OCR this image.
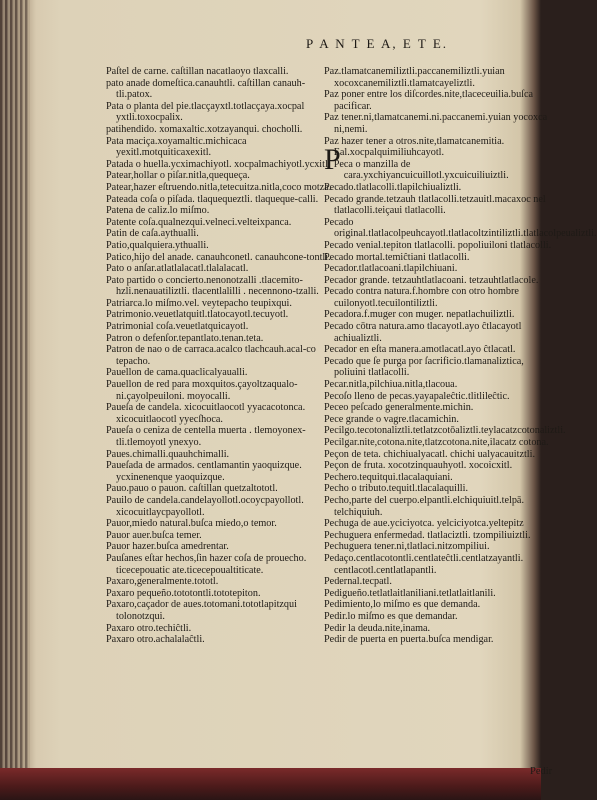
P A N T E A, E T E.

Paſtel de carne. caſtillan nacatlaoyo tlaxcalli.

pato anade domeſtica.canauhtli. caſtillan canauh-tli.patox.

Pata o planta del pie.tlacçayxtl.totlacçaya.xocpal yxtli.toxocpalix.

patihendido. xomaxaltic.xotzayanqui. chocholli.

Pata maciça.xoyamaltic.michicaca yexitl.motquiticaxexitl.

Patada o huella.ycximachiyotl. xocpalmachiyotl.ycxitl.

Patear,hollar o piſar.nitla,quequeça.

Patear,hazer eſtruendo.nitla,tetecuitza.nitla,coco motza.

Pateada coſa o piſada. tlaquequeztli. tlaqueque-calli.

Patena de caliz.lo miſmo.

Patente coſa.qualnezqui.velneci.velteixpanca.

Patin de caſa.aythualli.

Patio,qualquiera.ythualli.

Patico,hijo del anade. canauhconetl. canauhcone-tontli.

Pato o anſar.atlatlalacatl.tlalalacatl.

Pato partido o concierto.nenonotzalli .tlacemito-hzli.nenauatiliztli. tlacentlalilli . necennono-tzalli.

Patriarca.lo miſmo.vel. veytepacho teupixqui.

Patrimonio.veuetlatquitl.tlatocayotl.tecuyotl.

Patrimonial coſa.veuetlatquicayotl.

Patron o defenſor.tepantlato.tenan.teta.

Patron de nao o de carraca.acalco tlachcauh.acal-co tepacho.

Pauellon de cama.quaclicalyaualli.

Pauellon de red para moxquitos.çayoltzaqualo-ni.çayolpeuiloni. moyocalli.

Paueſa de candela. xicocuitlaocotl yyacacotonca. xicocuitlaocotl yyecſhoca.

Paueſa o ceniza de centella muerta . tlemoyonex-tli.tlemoyotl ynexyo.

Paues.chimalli.quauhchimalli.

Paueſada de armados. centlamantin yaoquizque. ycxinenenque yaoquizque.

Pauo.pauo o pauon. caſtillan quetzaltototl.

Pauilo de candela.candelayollotl.ocoycpayollotl. xicocuitlaycpayollotl.

Pauor,miedo natural.buſca miedo,o temor.

Pauor auer.buſca temer.

Pauor hazer.buſca amedrentar.

Pauſanes eſtar hechos,ſin hazer coſa de prouecho. ticecepouatic ate.ticecepoualtiticate.

Paxaro,generalmente.tototl.

Paxaro pequeño.tototontli.tototepiton.

Paxaro,caçador de aues.totomani.tototlapitzqui tolonotzqui.

Paxaro otro.techiĉtli.

Paxaro otro.achalalaĉtli.

Paz.tlamatcanemiliztli.paccanemiliztli.yuian xocoxcanemiliztli.tlamatcayeliztli.

Paz poner entre los diſcordes.nite,tlaceceuilia.buſca pacificar.

Paz tener.ni,tlamatcanemi.ni.paccanemi.yuian yocoxca ni,nemi.

Paz hazer tener a otros.nite,tlamatcanemitia.

P
Eal.xocpalquimiliuhcayotl.

Peca o manzilla de cara.yxchiyancuicuillotl.yxcuicuiliuiztli.

Pecado.tlatlacolli.tlapilchiualiztli.

Pecado grande.tetzauh tlatlacolli.tetzauitl.macaxoc nel tlatlacolli.teiçaui tlatlacolli.

Pecado original.tlatlacolpeuhcayotl.tlatlacoltzintiliztli.tlatlacolpeualiztli.

Pecado venial.tepiton tlatlacolli. popoliuiloni tlatlacolli.

Pecado mortal.temiĉtiani tlatlacolli.

Pecador.tlatlacoani.tlapilchiuani.

Pecador grande. tetzauhtlatlacoani. tetzauhtlatlacole.

Pecado contra natura.f.hombre con otro hombre cuilonyotl.tecuilontiliztli.

Pecadora.f.muger con muger. nepatlachuiliztli.

Pecado cōtra natura.amo tlacayotl.ayo ĉtlacayotl achiualiztli.

Pecador en eſta manera.amotlacatl.ayo ĉtlacatl.

Pecado que ſe purga por ſacrificio.tlamanaliztica, poliuini tlatlacolli.

Pecar.nitla,pilchiua.nitla,tlacoua.

Pecoſo lleno de pecas.yayapaleĉtic.tlitlileĉtic.

Peceo peſcado generalmente.michin.

Pece grande o vagre.tlacamichin.

Pecilgo.tecotonaliztli.tetlatzcotōaliztli.teylacatzcotonaliztli.

Pecilgar.nite,cotona.nite,tlatzcotona.nite,ilacatz cotona.

Peçon de teta. chichiualyacatl. chichi ualyacauitztli.

Peçon de fruta. xocotzinquauhyotl. xocoicxitl.

Pechero.tequitqui.tlacalaquiani.

Pecho o tributo.tequitl.tlacalaquilli.

Pecho,parte del cuerpo.elpantli.elchiquiuitl.telpā. telchiquiuh.

Pechuga de aue.yciciyotca. yelciciyotca.yeltepitz

Pechuguera enfermedad. tlatlaciztli. tzompiliuiztli.

Pechuguera tener.ni,tlatlaci.nitzompiliui.

Pedaço.centlacotontli.centlateĉtli.centlatzayantli. centlacotl.centlatlapantli.

Pedernal.tecpatl.

Pedigueño.tetlatlaitlaniliani.tetlatlaitlanili.

Pedimiento,lo miſmo es que demanda.

Pedir.lo miſmo es que demandar.

Pedir la deuda.nite,inama.

Pedir de puerta en puerta.buſca mendigar.

Pedir
